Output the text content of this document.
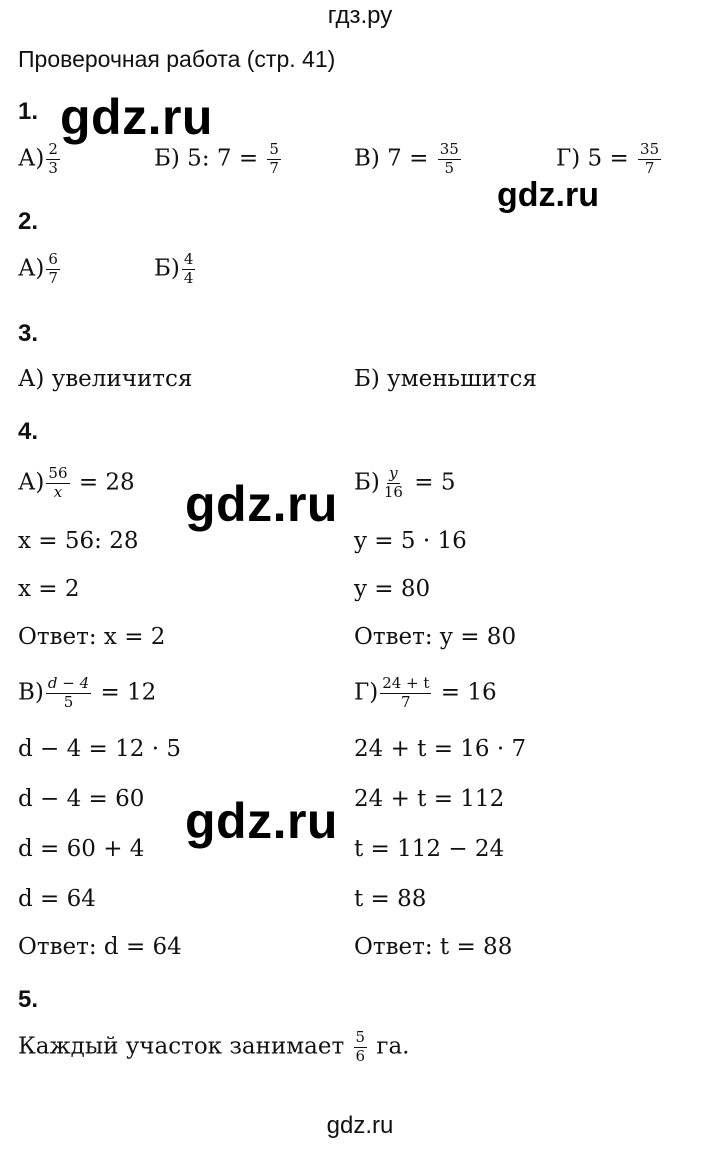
гдз.ру
Проверочная работа (стр. 41)
1. gdz.ru
$А) \frac{2}{3}$	Б) 5: $7 = \frac{5}{7}$	В) $7 = \frac{35}{5}$	Г) $5 = \frac{35}{7}$
gdz.ru
2.
$А) \frac{6}{7}$	$Б) \frac{4}{4}$
3.
А) увеличится	Б) уменьшится
4.
$А) \frac{56}{x} = 28$	$Б) \frac{y}{16} = 5$
gdz.ru
x = 56: 28
x = 2
Ответ: x = 2
y = 5 · 16
y = 80
Ответ: y = 80
$В) \frac{d - 4}{5} = 12$	$Г) \frac{24 + t}{7} = 16$
d − 4 = 12 · 5
d − 4 = 60
d = 60 + 4
d = 64
Ответ: d = 64
24 + t = 16 · 7
24 + t = 112
t = 112 − 24
t = 88
Ответ: t = 88
gdz.ru
5.
Каждый участок занимает $\frac{5}{6}$ га.
gdz.ru
